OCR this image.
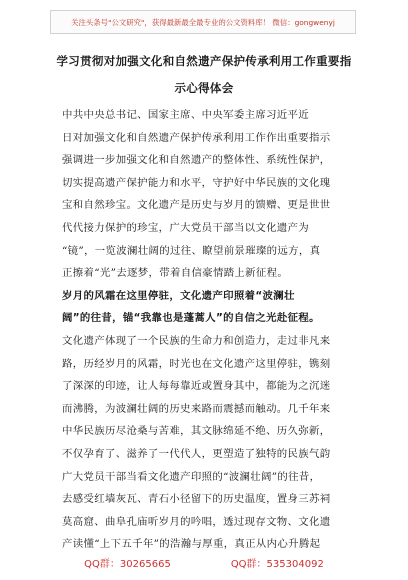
关注头条号"公文研究"，获得最新最全最专业的公文资料库！ 微信：gongwenyj
学习贯彻对加强文化和自然遗产保护传承利用工作重要指
示心得体会
中共中央总书记、国家主席、中央军委主席习近平近
日对加强文化和自然遗产保护传承利用工作作出重要指示
强调进一步加强文化和自然遗产的整体性、系统性保护，
切实提高遗产保护能力和水平，守护好中华民族的文化瑰
宝和自然珍宝。文化遗产是历史与岁月的馈赠、更是世世
代代接力保护的珍宝，广大党员干部当以文化遗产为
“镜”，一览波澜壮阔的过往、瞭望前景璀璨的远方，真
正擦着“光”去逐梦，带着自信豪情踏上新征程。
岁月的风霜在这里停驻，文化遗产印照着“波澜壮
阔”的往昔，锚“我靠也是蓬蒿人”的自信之光赴征程。
文化遗产体现了一个民族的生命力和创造力，走过非凡来
路，历经岁月的风霜，时光也在文化遗产这里停驻，镌刻
了深深的印迹，让人每每靠近或置身其中，都能为之沉迷
而沸腾，为波澜壮阔的历史来路而震撼而触动。几千年来
中华民族历尽沧桑与苦难，其文脉绵延不绝、历久弥新，
不仅孕育了、滋养了一代代人，更塑造了独特的民族气韵
广大党员干部当看文化遗产印照的“波澜壮阔”的往昔，
去感受红墙灰瓦、青石小径留下的历史温度，置身三苏祠
莫高窟、曲阜孔庙听岁月的吟唱，透过现存文物、文化遗
产读懂“上下五千年”的浩瀚与厚重，真正从内心升腾起
QQ群：30265665	QQ群：535304092
